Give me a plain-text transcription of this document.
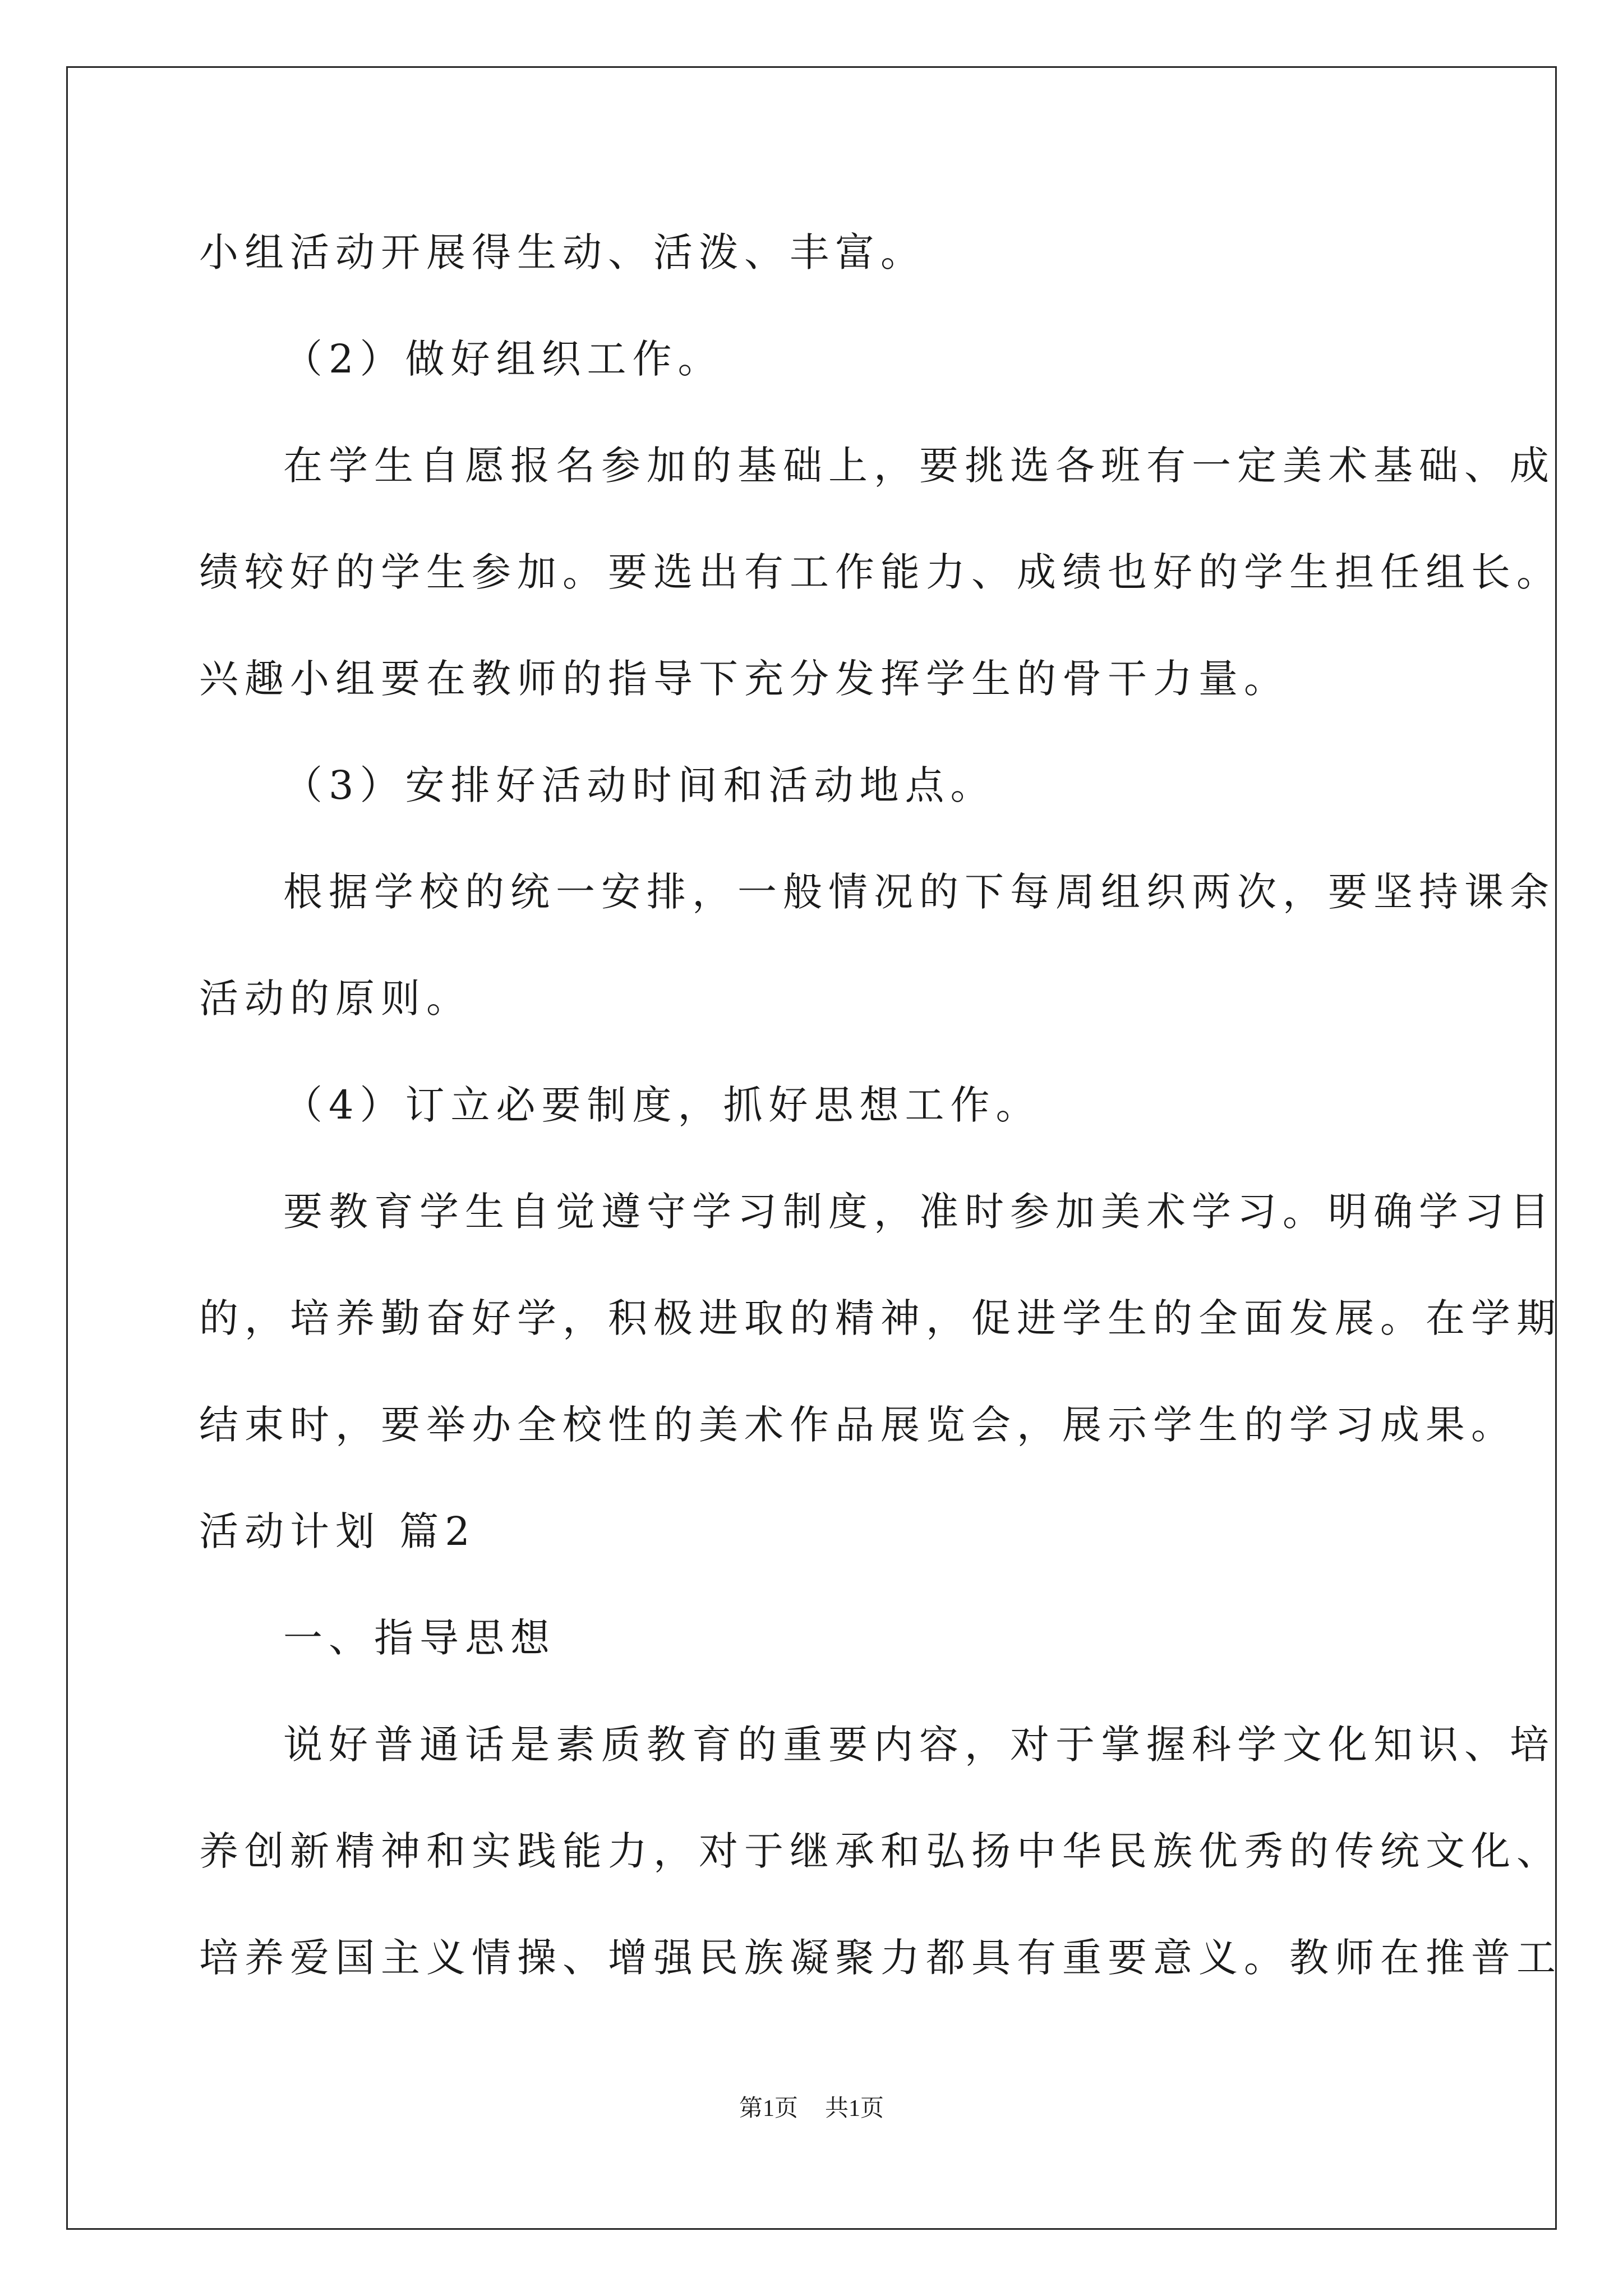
小组活动开展得生动、活泼、丰富。

（2）做好组织工作。

在学生自愿报名参加的基础上，要挑选各班有一定美术基础、成

绩较好的学生参加。要选出有工作能力、成绩也好的学生担任组长。

兴趣小组要在教师的指导下充分发挥学生的骨干力量。

（3）安排好活动时间和活动地点。

根据学校的统一安排，一般情况的下每周组织两次，要坚持课余

活动的原则。

（4）订立必要制度，抓好思想工作。

要教育学生自觉遵守学习制度，准时参加美术学习。明确学习目

的，培养勤奋好学，积极进取的精神，促进学生的全面发展。在学期

结束时，要举办全校性的美术作品展览会，展示学生的学习成果。

活动计划 篇2

一、指导思想

说好普通话是素质教育的重要内容，对于掌握科学文化知识、培

养创新精神和实践能力，对于继承和弘扬中华民族优秀的传统文化、

培养爱国主义情操、增强民族凝聚力都具有重要意义。教师在推普工

第1页 共1页
